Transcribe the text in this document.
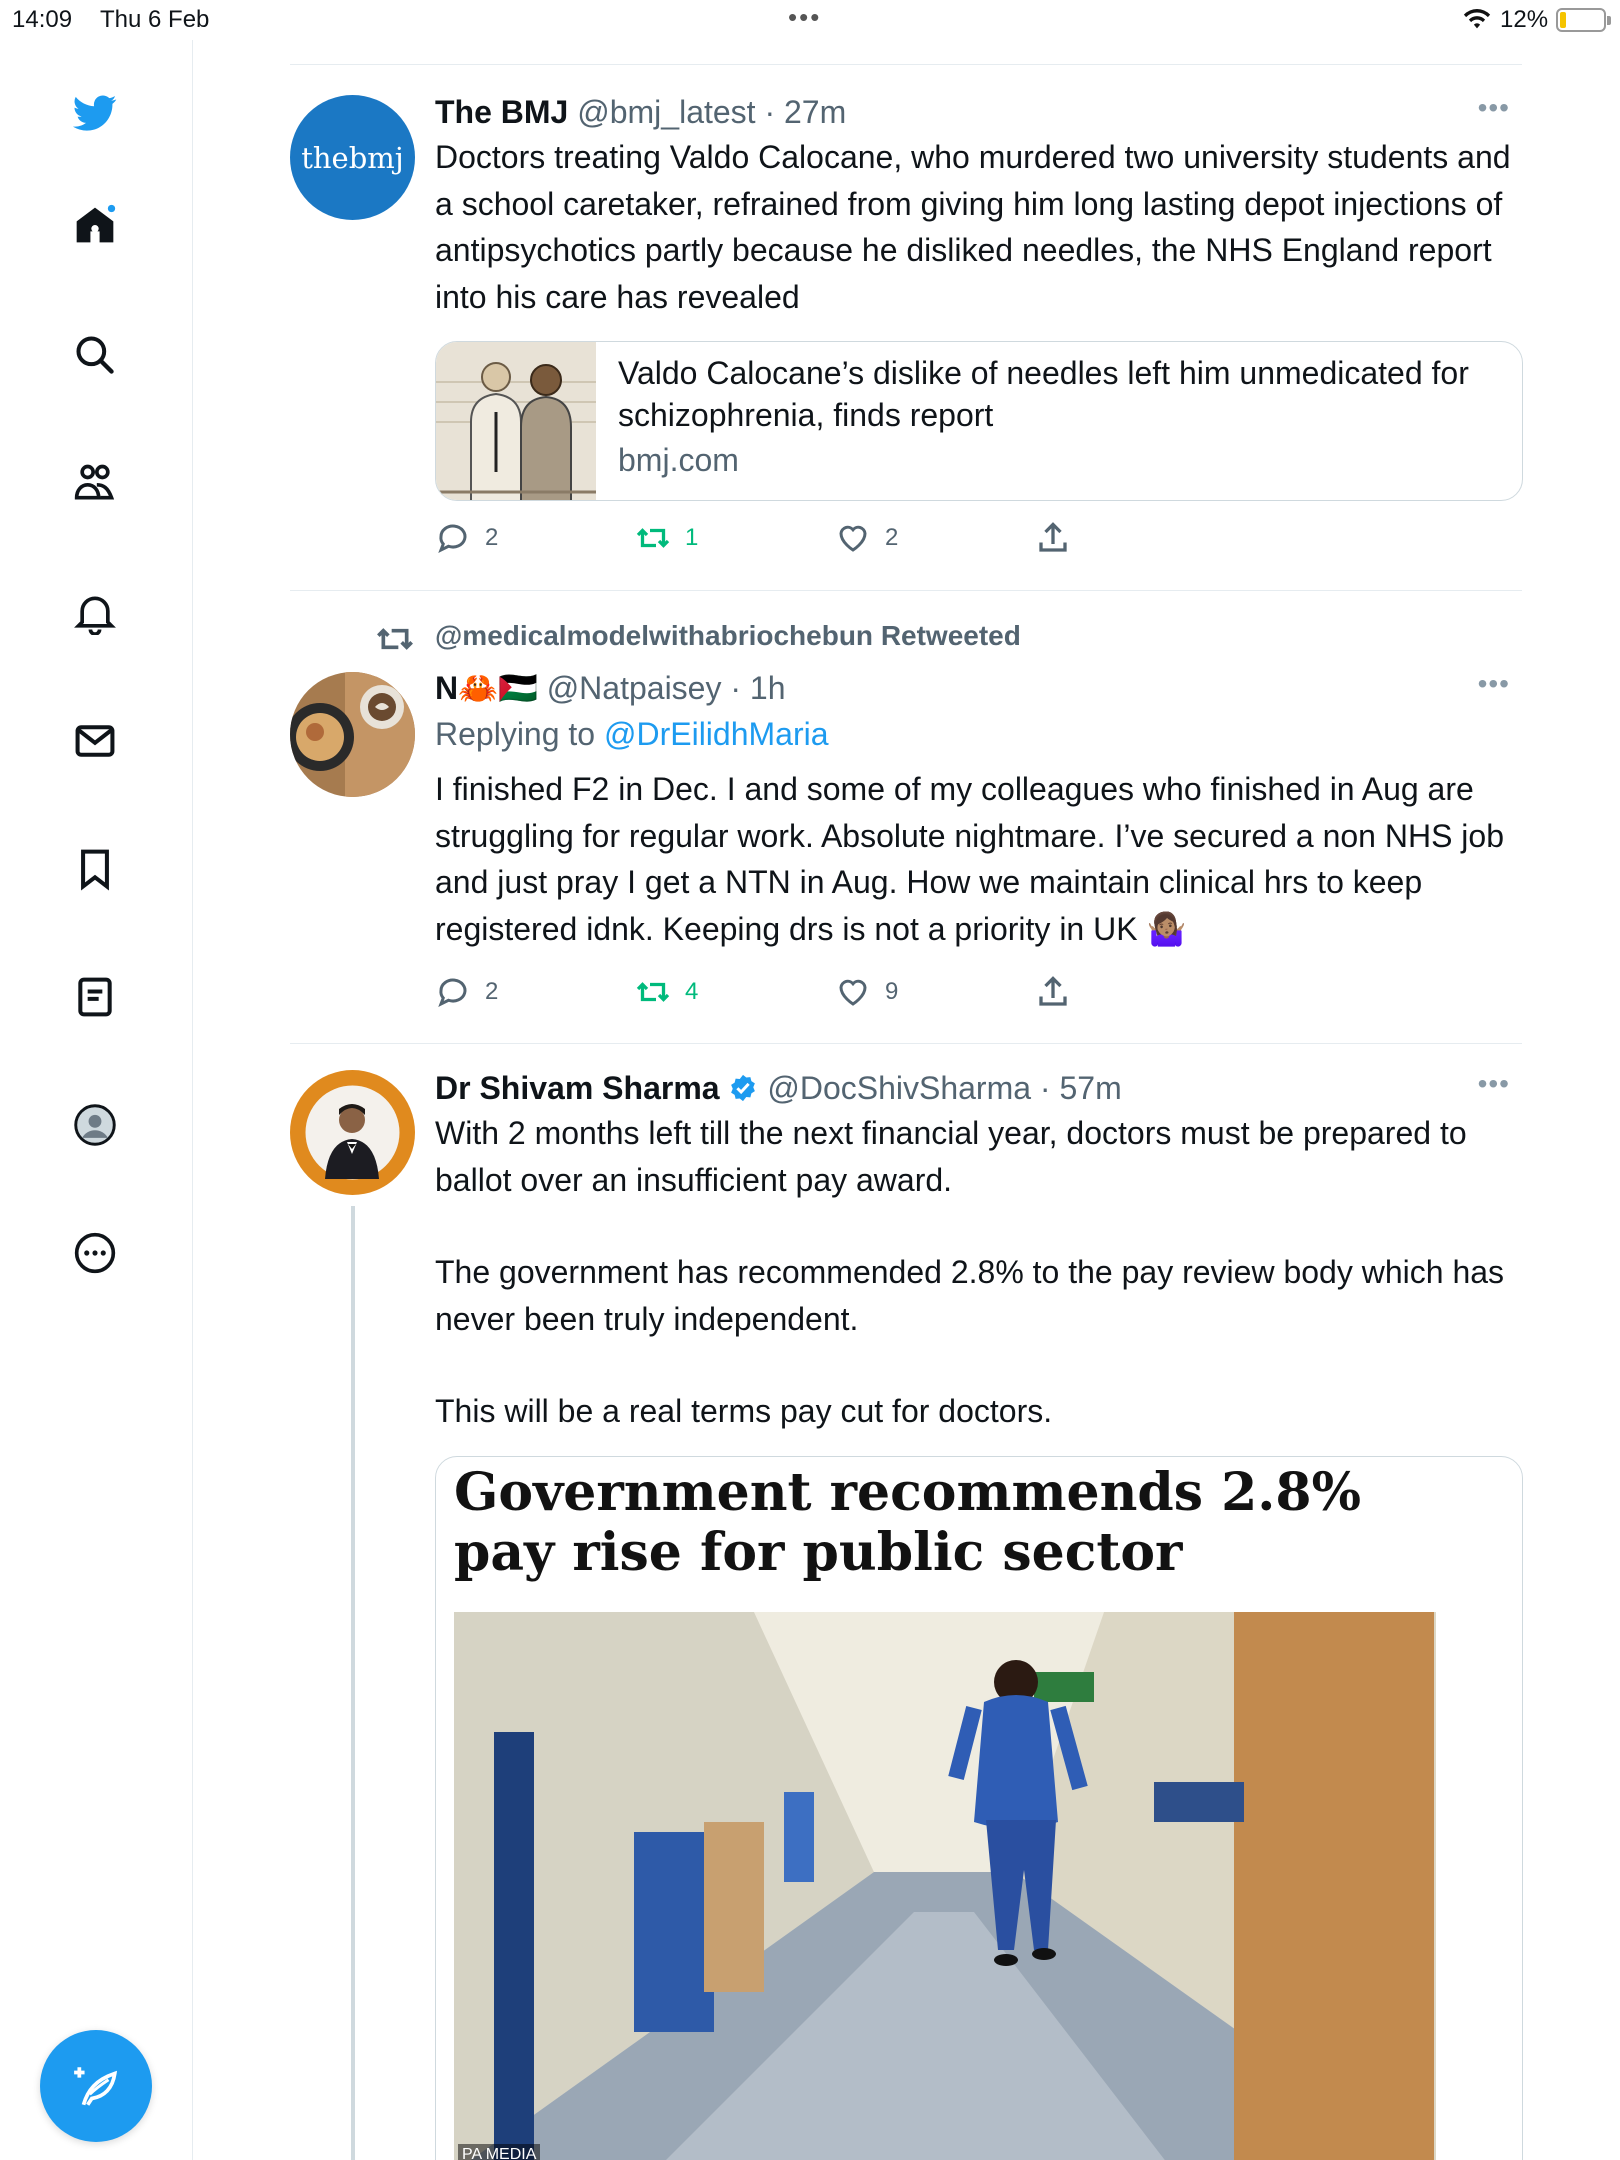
14:09 Thu 6 Feb	•••	12%
thebmj
The BMJ @bmj_latest · 27m
Doctors treating Valdo Calocane, who murdered two university students and a school caretaker, refrained from giving him long lasting depot injections of antipsychotics partly because he disliked needles, the NHS England report into his care has revealed
•••
Valdo Calocane’s dislike of needles left him unmedicated for schizophrenia, finds report
bmj.com
2	1	2
@medicalmodelwithabriochebun Retweeted
N🦀🇵🇸 @Natpaisey · 1h
Replying to @DrEilidhMaria
I finished F2 in Dec. I and some of my colleagues who finished in Aug are struggling for regular work. Absolute nightmare. I’ve secured a non NHS job and just pray I get a NTN in Aug. How we maintain clinical hrs to keep registered idnk. Keeping drs is not a priority in UK 🤷🏽‍♀️
•••
2	4	9
Dr Shivam Sharma @DocShivSharma · 57m
With 2 months left till the next financial year, doctors must be prepared to ballot over an insufficient pay award.
The government has recommended 2.8% to the pay review body which has never been truly independent.
This will be a real terms pay cut for doctors.
•••
Government recommends 2.8% pay rise for public sector
PA MEDIA
